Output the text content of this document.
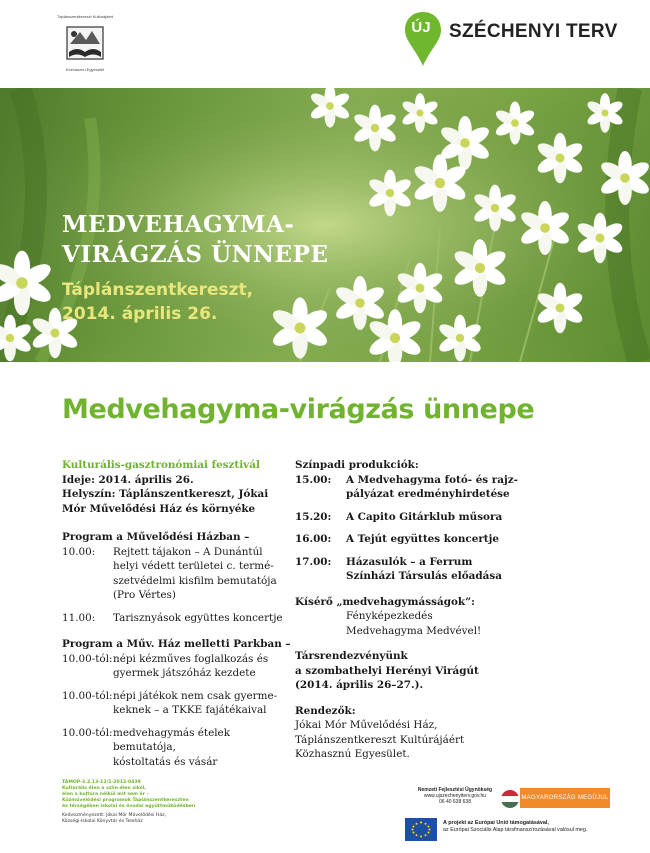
Táplánszentkereszt Kulturájáért
Közhasznú Egyesület
ÚJ SZÉCHENYI TERV
MEDVEHAGYMA-
VIRÁGZÁS ÜNNEPE
Táplánszentkereszt,
2014. április 26.
Medvehagyma-virágzás ünnepe
Kulturális-gasztronómiai fesztivál
Ideje: 2014. április 26.
Helyszín: Táplánszentkereszt, Jókai
Mór Művelődési Ház és környéke
Program a Művelődési Házban –
10.00:	Rejtett tájakon – A Dunántúl
helyi védett területei c. termé-
szetvédelmi kisfilm bemutatója
(Pro Vértes)
11.00:	Tarisznyások együttes koncertje
Program a Műv. Ház melletti Parkban –
10.00-tól: népi kézműves foglalkozás és
gyermek játszóház kezdete
10.00-tól: népi játékok nem csak gyerme-
keknek – a TKKE fajátékaival
10.00-tól: medvehagymás ételek bemutatója,
kóstoltatás és vásár
Színpadi produkciók:
15.00:	A Medvehagyma fotó- és rajz-
pályázat eredményhirdetése
15.20:	A Capito Gitárklub műsora
16.00:	A Tejút együttes koncertje
17.00:	Házasulók – a Ferrum
Színházi Társulás előadása
Kísérő „medvehagymásságok”:
Fényképezkedés
Medvehagyma Medvével!
Társrendezvényünk
a szombathelyi Herényi Virágút
(2014. április 26–27.).
Rendezők:
Jókai Mór Művelődési Ház,
Táplánszentkereszt Kultúrájáért
Közhasznú Egyesület.
TÁMOP-3.2.13-12/1-2012-0439
Kulturális élen a szlin-élen sikól,
élen a kultúra nélkül mit sem ér –
Közművelődési programok Táplánszentkereszten
és térségében iskolai és óvodai együttműködésben
Kedvezményezett: Jókai Mór Művelődési Ház,
Községi-Iskolai Könyvtár és Teleház
Nemzeti Fejlesztési Ügynökség
www.ujszechenyiterv.gov.hu
06 40 638 638
MAGYARORSZÁG MEGÚJUL
A projekt az Európai Unió támogatásával,
az Európai Szociális Alap társfinanszírozásával valósul meg.
